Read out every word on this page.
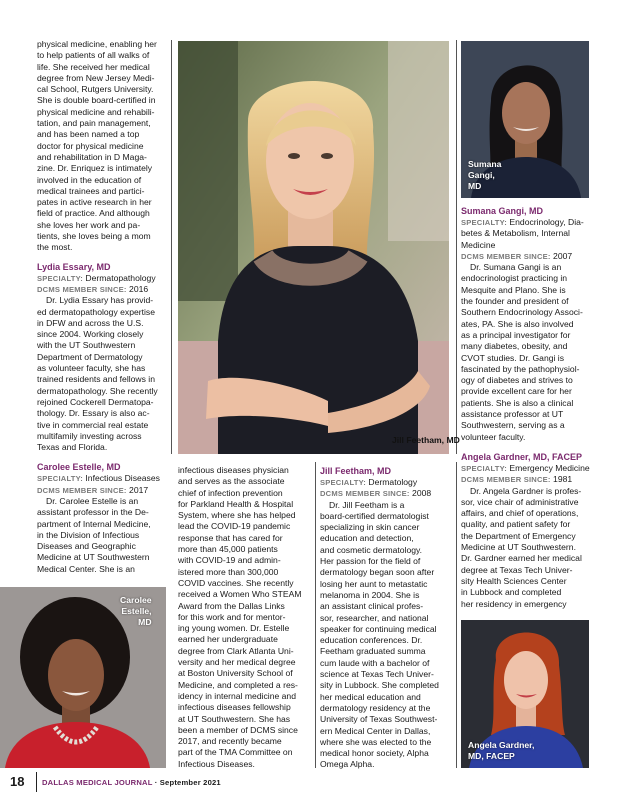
physical medicine, enabling her

to help patients of all walks of

life. She received her medical

degree from New Jersey Medi-

cal School, Rutgers University.

She is double board-certified in

physical medicine and rehabili-

tation, and pain management,

and has been named a top

doctor for physical medicine

and rehabilitation in D Maga-

zine. Dr. Enriquez is intimately

involved in the education of

medical trainees and partici-

pates in active research in her

field of practice. And although

she loves her work and pa-

tients, she loves being a mom

the most.

Lydia Essary, MD

SPECIALTY: Dermatopathology

DCMS MEMBER SINCE: 2016

Dr. Lydia Essary has provid-

ed dermatopathology expertise

in DFW and across the U.S.

since 2004. Working closely

with the UT Southwestern

Department of Dermatology

as volunteer faculty, she has

trained residents and fellows in

dermatopathology. She recently

rejoined Cockerell Dermatopa-

thology. Dr. Essary is also ac-

tive in commercial real estate

multifamily investing across

Texas and Florida.

Carolee Estelle, MD

SPECIALTY: Infectious Diseases

DCMS MEMBER SINCE: 2017

Dr. Carolee Estelle is an

assistant professor in the De-

partment of Internal Medicine,

in the Division of Infectious

Diseases and Geographic

Medicine at UT Southwestern

Medical Center. She is an

Jill Feetham, MD
Sumana
Gangi,
MD
Sumana Gangi, MD

SPECIALTY: Endocrinology, Dia-

betes & Metabolism, Internal

Medicine

DCMS MEMBER SINCE: 2007

Dr. Sumana Gangi is an

endocrinologist practicing in

Mesquite and Plano. She is

the founder and president of

Southern Endocrinology Associ-

ates, PA. She is also involved

as a principal investigator for

many diabetes, obesity, and

CVOT studies. Dr. Gangi is

fascinated by the pathophysiol-

ogy of diabetes and strives to

provide excellent care for her

patients. She is also a clinical

assistance professor at UT

Southwestern, serving as a

volunteer faculty.

Angela Gardner, MD, FACEP

SPECIALTY: Emergency Medicine

DCMS MEMBER SINCE: 1981

Dr. Angela Gardner is profes-

sor, vice chair of administrative

affairs, and chief of operations,

quality, and patient safety for

the Department of Emergency

Medicine at UT Southwestern.

Dr. Gardner earned her medical

degree at Texas Tech Univer-

sity Health Sciences Center

in Lubbock and completed

her residency in emergency

infectious diseases physician

and serves as the associate

chief of infection prevention

for Parkland Health & Hospital

System, where she has helped

lead the COVID-19 pandemic

response that has cared for

more than 45,000 patients

with COVID-19 and admin-

istered more than 300,000

COVID vaccines. She recently

received a Women Who STEAM

Award from the Dallas Links

for this work and for mentor-

ing young women. Dr. Estelle

earned her undergraduate

degree from Clark Atlanta Uni-

versity and her medical degree

at Boston University School of

Medicine, and completed a res-

idency in internal medicine and

infectious diseases fellowship

at UT Southwestern. She has

been a member of DCMS since

2017, and recently became

part of the TMA Committee on

Infectious Diseases.

Jill Feetham, MD

SPECIALTY: Dermatology

DCMS MEMBER SINCE: 2008

Dr. Jill Feetham is a

board-certified dermatologist

specializing in skin cancer

education and detection,

and cosmetic dermatology.

Her passion for the field of

dermatology began soon after

losing her aunt to metastatic

melanoma in 2004. She is

an assistant clinical profes-

sor, researcher, and national

speaker for continuing medical

education conferences. Dr.

Feetham graduated summa

cum laude with a bachelor of

science at Texas Tech Univer-

sity in Lubbock. She completed

her medical education and

dermatology residency at the

University of Texas Southwest-

ern Medical Center in Dallas,

where she was elected to the

medical honor society, Alpha

Omega Alpha.

Carolee
Estelle,
MD
Angela Gardner,
MD, FACEP
18 DALLAS MEDICAL JOURNAL · September 2021
